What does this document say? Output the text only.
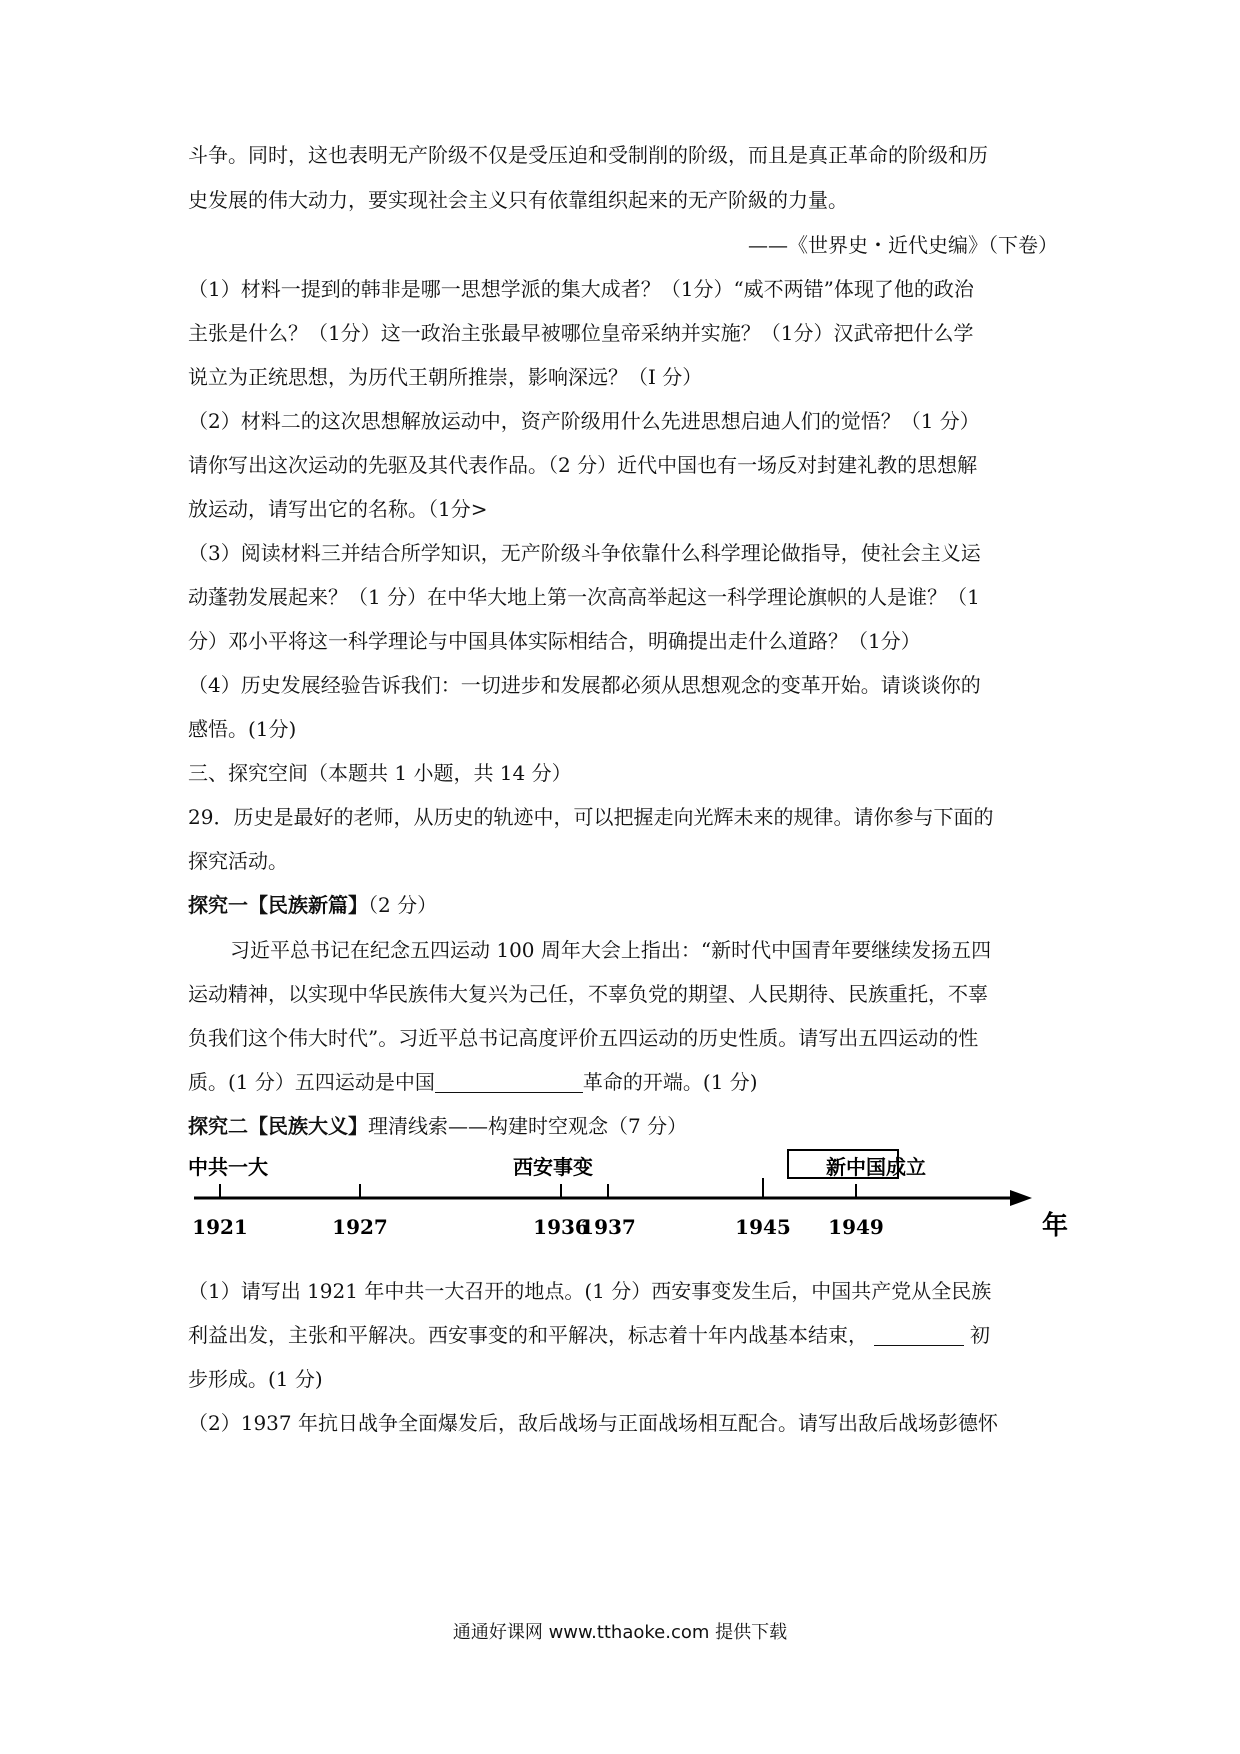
斗争。同时，这也表明无产阶级不仅是受压迫和受制削的阶级，而且是真正革命的阶级和历
史发展的伟大动力，要实现社会主义只有依靠组织起来的无产阶級的力量。
——《世界史・近代史编》（下卷）
（1）材料一提到的韩非是哪一思想学派的集大成者？（1分）“威不两错”体现了他的政治
主张是什么？（1分）这一政治主张最早被哪位皇帝采纳并实施？（1分）汉武帝把什么学
说立为正统思想，为历代王朝所推崇，影响深远？（I 分）
（2）材料二的这次思想解放运动中，资产阶级用什么先进思想启迪人们的觉悟？（1 分）
请你写出这次运动的先驱及其代表作品。（2 分）近代中国也有一场反对封建礼教的思想解
放运动，请写出它的名称。（1分>
（3）阅读材料三并结合所学知识，无产阶级斗争依靠什么科学理论做指导，使社会主义运
动蓬勃发展起来？（1 分）在中华大地上第一次高高举起这一科学理论旗帜的人是谁？（1
分）邓小平将这一科学理论与中国具体实际相结合，明确提出走什么道路？（1分）
（4）历史发展经验告诉我们：一切进步和发展都必须从思想观念的变革开始。请谈谈你的
感悟。(1分)
三、探究空间（本题共 1 小题，共 14 分）
29．历史是最好的老师，从历史的轨迹中，可以把握走向光辉未来的规律。请你参与下面的
探究活动。
探究一【民族新篇】（2 分）
习近平总书记在纪念五四运动 100 周年大会上指出：“新时代中国青年要继续发扬五四
运动精神，以实现中华民族伟大复兴为己任，不辜负党的期望、人民期待、民族重托，不辜
负我们这个伟大时代”。习近平总书记高度评价五四运动的历史性质。请写出五四运动的性
质。(1 分）五四运动是中国	革命的开端。(1 分)
探究二【民族大义】理清线索——构建时空观念（7 分）
1921
中共一大
1927	1936
西安事变
1937	1945 1949
新中国成立
年
（1）请写出 1921 年中共一大召开的地点。(1 分）西安事变发生后，中国共产党从全民族
利益出发，主张和平解决。西安事变的和平解决，标志着十年内战基本结束，	初
步形成。(1 分)
（2）1937 年抗日战争全面爆发后，敌后战场与正面战场相互配合。请写出敌后战场彭德怀
通通好课网 www.tthaoke.com 提供下载
